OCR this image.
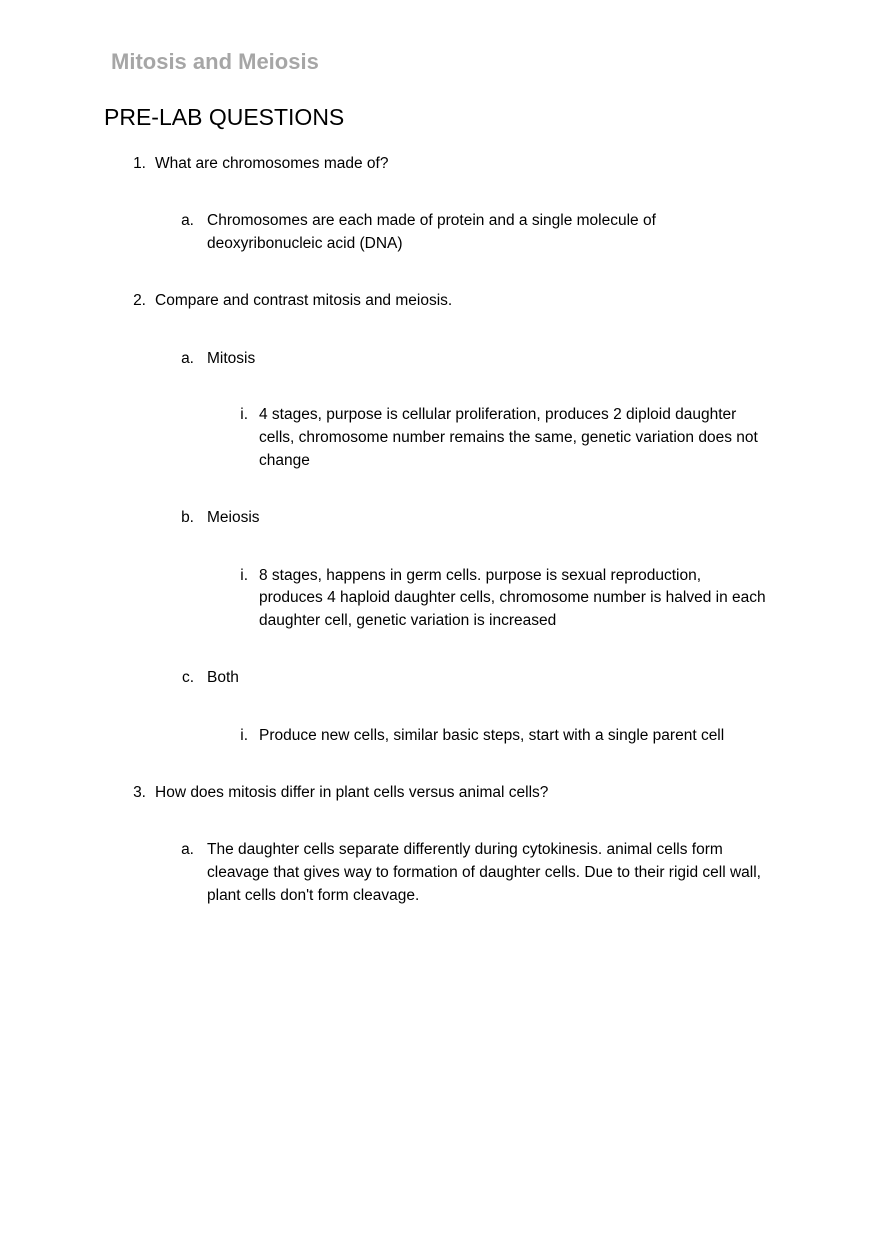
Mitosis and Meiosis
PRE-LAB QUESTIONS
1. What are chromosomes made of?
a. Chromosomes are each made of protein and a single molecule of
deoxyribonucleic acid (DNA)
2. Compare and contrast mitosis and meiosis.
a. Mitosis
i. 4 stages, purpose is cellular proliferation, produces 2 diploid daughter
cells, chromosome number remains the same, genetic variation does not
change
b. Meiosis
i. 8 stages, happens in germ cells. purpose is sexual reproduction,
produces 4 haploid daughter cells, chromosome number is halved in each
daughter cell, genetic variation is increased
c. Both
i. Produce new cells, similar basic steps, start with a single parent cell
3. How does mitosis differ in plant cells versus animal cells?
a. The daughter cells separate differently during cytokinesis. animal cells form
cleavage that gives way to formation of daughter cells. Due to their rigid cell wall,
plant cells don't form cleavage.
